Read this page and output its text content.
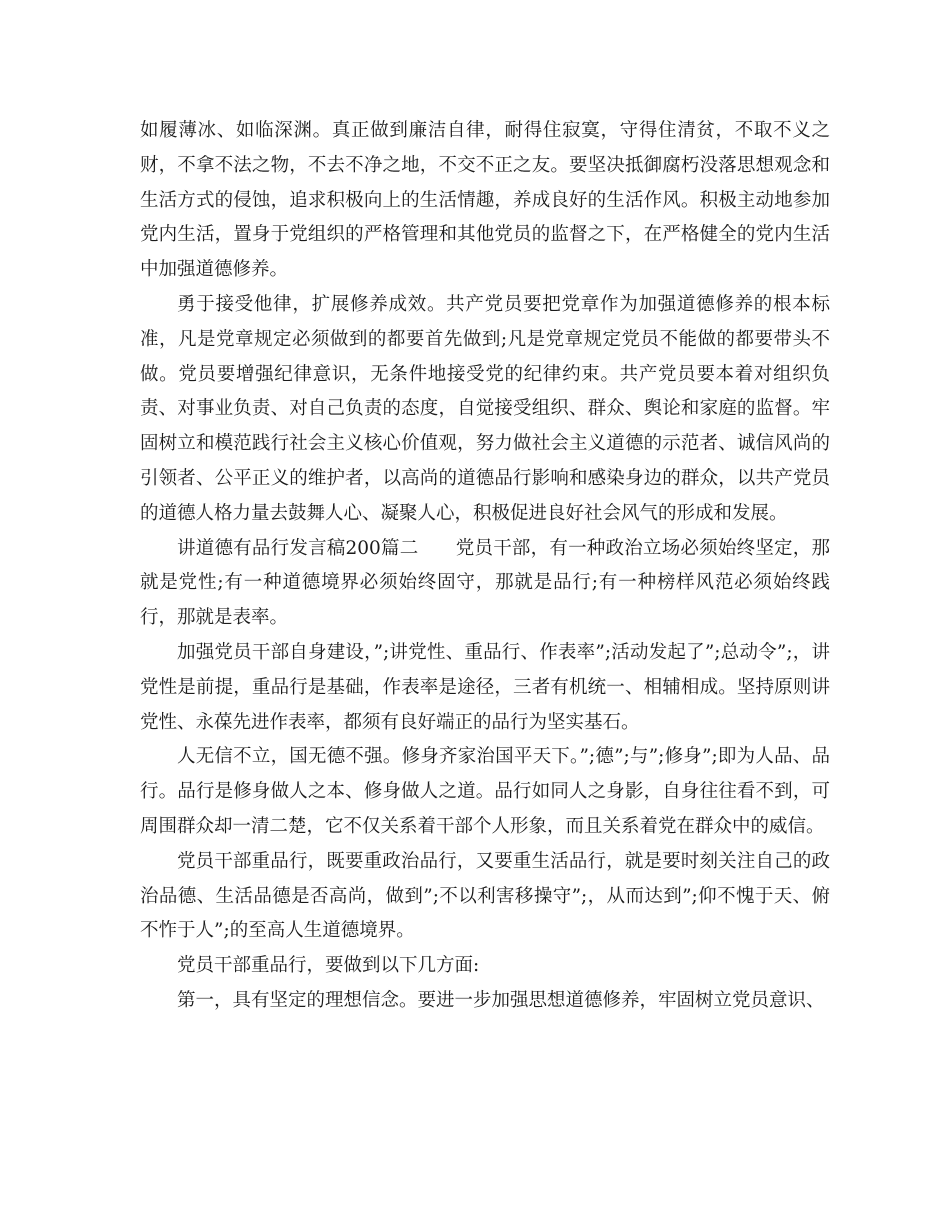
如履薄冰、如临深渊。真正做到廉洁自律，耐得住寂寞，守得住清贫，不取不义之财，不拿不法之物，不去不净之地，不交不正之友。要坚决抵御腐朽没落思想观念和生活方式的侵蚀，追求积极向上的生活情趣，养成良好的生活作风。积极主动地参加党内生活，置身于党组织的严格管理和其他党员的监督之下，在严格健全的党内生活中加强道德修养。

勇于接受他律，扩展修养成效。共产党员要把党章作为加强道德修养的根本标准，凡是党章规定必须做到的都要首先做到;凡是党章规定党员不能做的都要带头不做。党员要增强纪律意识，无条件地接受党的纪律约束。共产党员要本着对组织负责、对事业负责、对自己负责的态度，自觉接受组织、群众、舆论和家庭的监督。牢固树立和模范践行社会主义核心价值观，努力做社会主义道德的示范者、诚信风尚的引领者、公平正义的维护者，以高尚的道德品行影响和感染身边的群众，以共产党员的道德人格力量去鼓舞人心、凝聚人心，积极促进良好社会风气的形成和发展。

讲道德有品行发言稿200篇二 党员干部，有一种政治立场必须始终坚定，那就是党性;有一种道德境界必须始终固守，那就是品行;有一种榜样风范必须始终践行，那就是表率。

加强党员干部自身建设，”;讲党性、重品行、作表率”;活动发起了”;总动令”;，讲党性是前提，重品行是基础，作表率是途径，三者有机统一、相辅相成。坚持原则讲党性、永葆先进作表率，都须有良好端正的品行为坚实基石。

人无信不立，国无德不强。修身齐家治国平天下。”;德”;与”;修身”;即为人品、品行。品行是修身做人之本、修身做人之道。品行如同人之身影，自身往往看不到，可周围群众却一清二楚，它不仅关系着干部个人形象，而且关系着党在群众中的威信。

党员干部重品行，既要重政治品行，又要重生活品行，就是要时刻关注自己的政治品德、生活品德是否高尚，做到”;不以利害移操守”;，从而达到”;仰不愧于天、俯不怍于人”;的至高人生道德境界。

党员干部重品行，要做到以下几方面:

第一，具有坚定的理想信念。要进一步加强思想道德修养，牢固树立党员意识、
